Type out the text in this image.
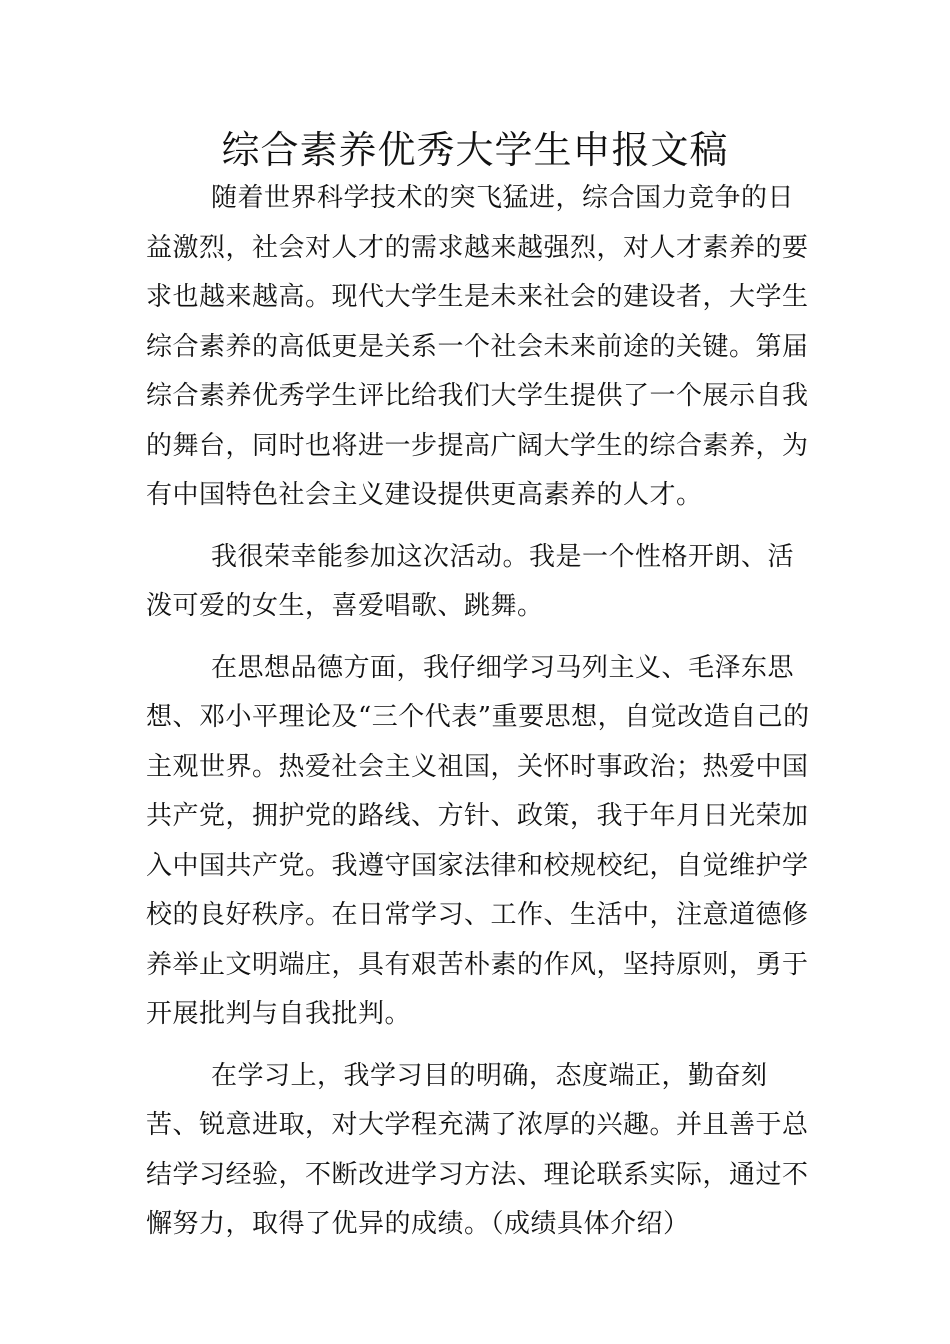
综合素养优秀大学生申报文稿

随着世界科学技术的突飞猛进，综合国力竞争的日益激烈，社会对人才的需求越来越强烈，对人才素养的要求也越来越高。现代大学生是未来社会的建设者，大学生综合素养的高低更是关系一个社会未来前途的关键。第届综合素养优秀学生评比给我们大学生提供了一个展示自我的舞台，同时也将进一步提高广阔大学生的综合素养，为有中国特色社会主义建设提供更高素养的人才。

我很荣幸能参加这次活动。我是一个性格开朗、活泼可爱的女生，喜爱唱歌、跳舞。

在思想品德方面，我仔细学习马列主义、毛泽东思想、邓小平理论及“三个代表”重要思想，自觉改造自己的主观世界。热爱社会主义祖国，关怀时事政治；热爱中国共产党，拥护党的路线、方针、政策，我于年月日光荣加入中国共产党。我遵守国家法律和校规校纪，自觉维护学校的良好秩序。在日常学习、工作、生活中，注意道德修养举止文明端庄，具有艰苦朴素的作风，坚持原则，勇于开展批判与自我批判。

在学习上，我学习目的明确，态度端正，勤奋刻苦、锐意进取，对大学程充满了浓厚的兴趣。并且善于总结学习经验，不断改进学习方法、理论联系实际，通过不懈努力，取得了优异的成绩。（成绩具体介绍）
